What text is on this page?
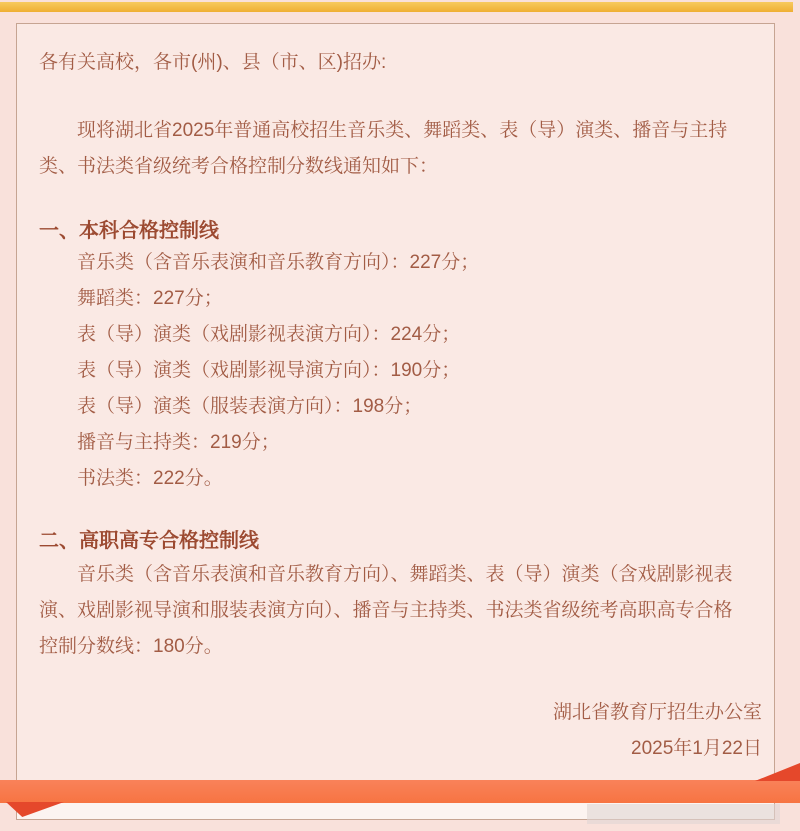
各有关高校，各市(州)、县（市、区)招办:
现将湖北省2025年普通高校招生音乐类、舞蹈类、表（导）演类、播音与主持
类、书法类省级统考合格控制分数线通知如下：
一、本科合格控制线
音乐类（含音乐表演和音乐教育方向）：227分；
舞蹈类：227分；
表（导）演类（戏剧影视表演方向）：224分；
表（导）演类（戏剧影视导演方向）：190分；
表（导）演类（服装表演方向）：198分；
播音与主持类：219分；
书法类：222分。
二、高职高专合格控制线
音乐类（含音乐表演和音乐教育方向）、舞蹈类、表（导）演类（含戏剧影视表
演、戏剧影视导演和服装表演方向）、播音与主持类、书法类省级统考高职高专合格
控制分数线：180分。
湖北省教育厅招生办公室
2025年1月22日
